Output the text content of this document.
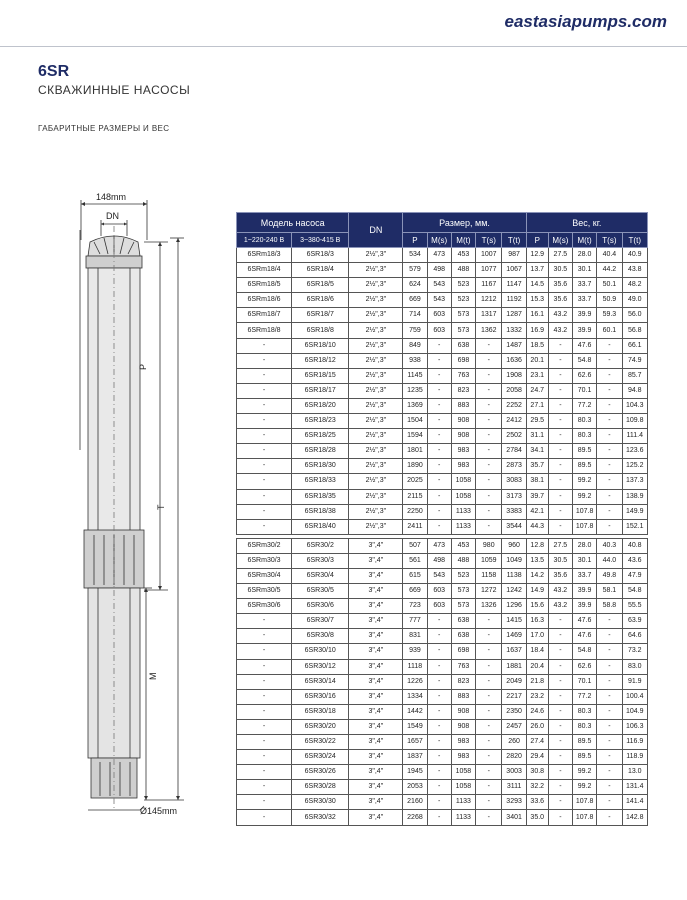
eastasiapumps.com
6SR
СКВАЖИННЫЕ НАСОСЫ
ГАБАРИТНЫЕ РАЗМЕРЫ И ВЕС
148mm
DN
P
T
M
Ø145mm
Модель насоса		DN	Размер, мм.					Вес, кг.				
1~220-240 В	3~380-415 В		P	M(s)	M(t)	T(s)	T(t)	P	M(s)	M(t)	T(s)	T(t)
6SRm18/3	6SR18/3	2½",3"	534	473	453	1007	987	12.9	27.5	28.0	40.4	40.9
6SRm18/4	6SR18/4	2½",3"	579	498	488	1077	1067	13.7	30.5	30.1	44.2	43.8
6SRm18/5	6SR18/5	2½",3"	624	543	523	1167	1147	14.5	35.6	33.7	50.1	48.2
6SRm18/6	6SR18/6	2½",3"	669	543	523	1212	1192	15.3	35.6	33.7	50.9	49.0
6SRm18/7	6SR18/7	2½",3"	714	603	573	1317	1287	16.1	43.2	39.9	59.3	56.0
6SRm18/8	6SR18/8	2½",3"	759	603	573	1362	1332	16.9	43.2	39.9	60.1	56.8
-	6SR18/10	2½",3"	849	-	638	-	1487	18.5	-	47.6	-	66.1
-	6SR18/12	2½",3"	938	-	698	-	1636	20.1	-	54.8	-	74.9
-	6SR18/15	2½",3"	1145	-	763	-	1908	23.1	-	62.6	-	85.7
-	6SR18/17	2½",3"	1235	-	823	-	2058	24.7	-	70.1	-	94.8
-	6SR18/20	2½",3"	1369	-	883	-	2252	27.1	-	77.2	-	104.3
-	6SR18/23	2½",3"	1504	-	908	-	2412	29.5	-	80.3	-	109.8
-	6SR18/25	2½",3"	1594	-	908	-	2502	31.1	-	80.3	-	111.4
-	6SR18/28	2½",3"	1801	-	983	-	2784	34.1	-	89.5	-	123.6
-	6SR18/30	2½",3"	1890	-	983	-	2873	35.7	-	89.5	-	125.2
-	6SR18/33	2½",3"	2025	-	1058	-	3083	38.1	-	99.2	-	137.3
-	6SR18/35	2½",3"	2115	-	1058	-	3173	39.7	-	99.2	-	138.9
-	6SR18/38	2½",3"	2250	-	1133	-	3383	42.1	-	107.8	-	149.9
-	6SR18/40	2½",3"	2411	-	1133	-	3544	44.3	-	107.8	-	152.1

6SRm30/2	6SR30/2	3",4"	507	473	453	980	960	12.8	27.5	28.0	40.3	40.8
6SRm30/3	6SR30/3	3",4"	561	498	488	1059	1049	13.5	30.5	30.1	44.0	43.6
6SRm30/4	6SR30/4	3",4"	615	543	523	1158	1138	14.2	35.6	33.7	49.8	47.9
6SRm30/5	6SR30/5	3",4"	669	603	573	1272	1242	14.9	43.2	39.9	58.1	54.8
6SRm30/6	6SR30/6	3",4"	723	603	573	1326	1296	15.6	43.2	39.9	58.8	55.5
-	6SR30/7	3",4"	777	-	638	-	1415	16.3	-	47.6	-	63.9
-	6SR30/8	3",4"	831	-	638	-	1469	17.0	-	47.6	-	64.6
-	6SR30/10	3",4"	939	-	698	-	1637	18.4	-	54.8	-	73.2
-	6SR30/12	3",4"	1118	-	763	-	1881	20.4	-	62.6	-	83.0
-	6SR30/14	3",4"	1226	-	823	-	2049	21.8	-	70.1	-	91.9
-	6SR30/16	3",4"	1334	-	883	-	2217	23.2	-	77.2	-	100.4
-	6SR30/18	3",4"	1442	-	908	-	2350	24.6	-	80.3	-	104.9
-	6SR30/20	3",4"	1549	-	908	-	2457	26.0	-	80.3	-	106.3
-	6SR30/22	3",4"	1657	-	983	-	260	27.4	-	89.5	-	116.9
-	6SR30/24	3",4"	1837	-	983	-	2820	29.4	-	89.5	-	118.9
-	6SR30/26	3",4"	1945	-	1058	-	3003	30.8	-	99.2	-	13.0
-	6SR30/28	3",4"	2053	-	1058	-	3111	32.2	-	99.2	-	131.4
-	6SR30/30	3",4"	2160	-	1133	-	3293	33.6	-	107.8	-	141.4
-	6SR30/32	3",4"	2268	-	1133	-	3401	35.0	-	107.8	-	142.8
